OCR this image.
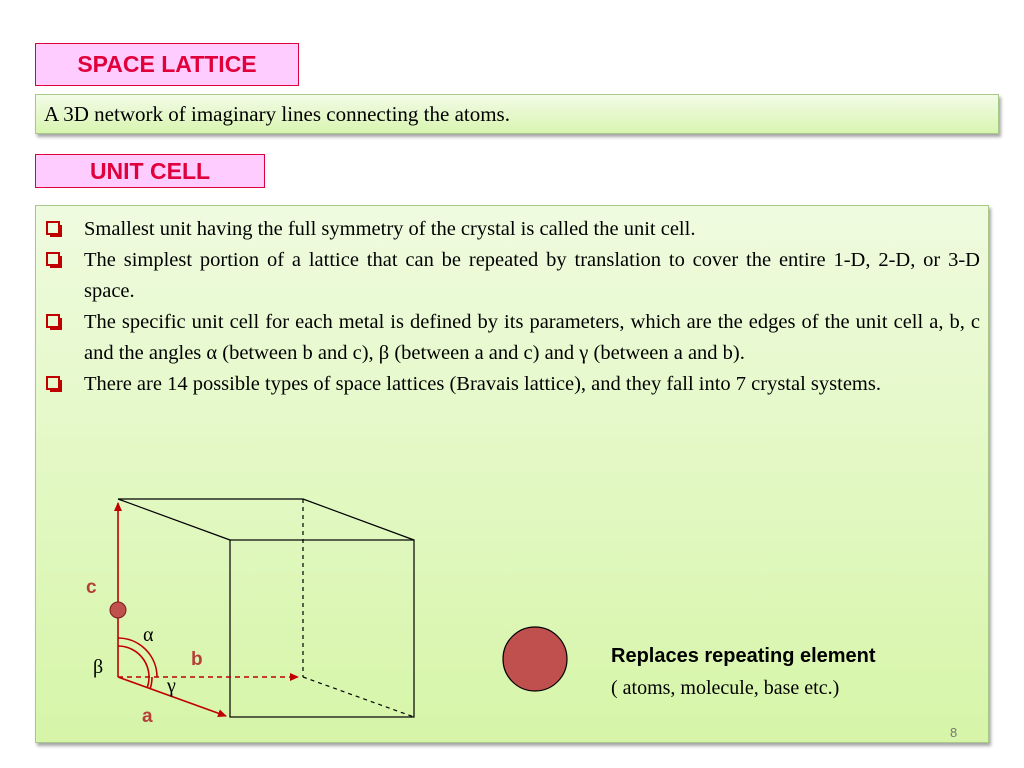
SPACE LATTICE
A 3D network of imaginary lines connecting the atoms.
UNIT CELL
Smallest unit having the full symmetry of the crystal is called the unit cell.
The simplest portion of a lattice that can be repeated by translation to cover the entire 1-D, 2-D, or 3-D space.
The specific unit cell for each metal is defined by its parameters, which are the edges of the unit cell a, b, c and the angles α (between b and c), β (between a and c) and γ (between a and b).
There are 14 possible types of space lattices (Bravais lattice), and they fall into 7 crystal systems.
c
b
a
α
β
γ
Replaces repeating element
( atoms, molecule, base etc.)
8
